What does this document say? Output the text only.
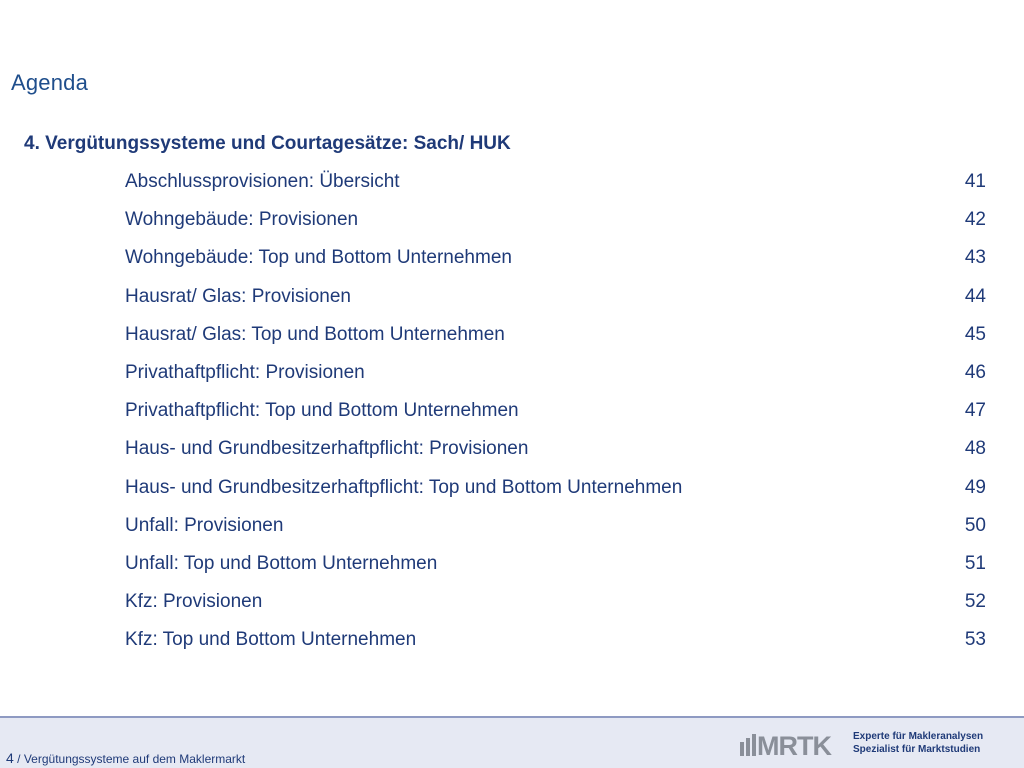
Agenda
4. Vergütungssysteme und Courtagesätze: Sach/ HUK
Abschlussprovisionen: Übersicht	41
Wohngebäude: Provisionen	42
Wohngebäude: Top und Bottom Unternehmen	43
Hausrat/ Glas: Provisionen	44
Hausrat/ Glas: Top und Bottom Unternehmen	45
Privathaftpflicht: Provisionen	46
Privathaftpflicht: Top und Bottom Unternehmen	47
Haus- und Grundbesitzerhaftpflicht: Provisionen	48
Haus- und Grundbesitzerhaftpflicht: Top und Bottom Unternehmen	49
Unfall: Provisionen	50
Unfall: Top und Bottom Unternehmen	51
Kfz: Provisionen	52
Kfz: Top und Bottom Unternehmen	53
4 / Vergütungssysteme auf dem Maklermarkt	MRTK Experte für Makleranalysen
Spezialist für Marktstudien
